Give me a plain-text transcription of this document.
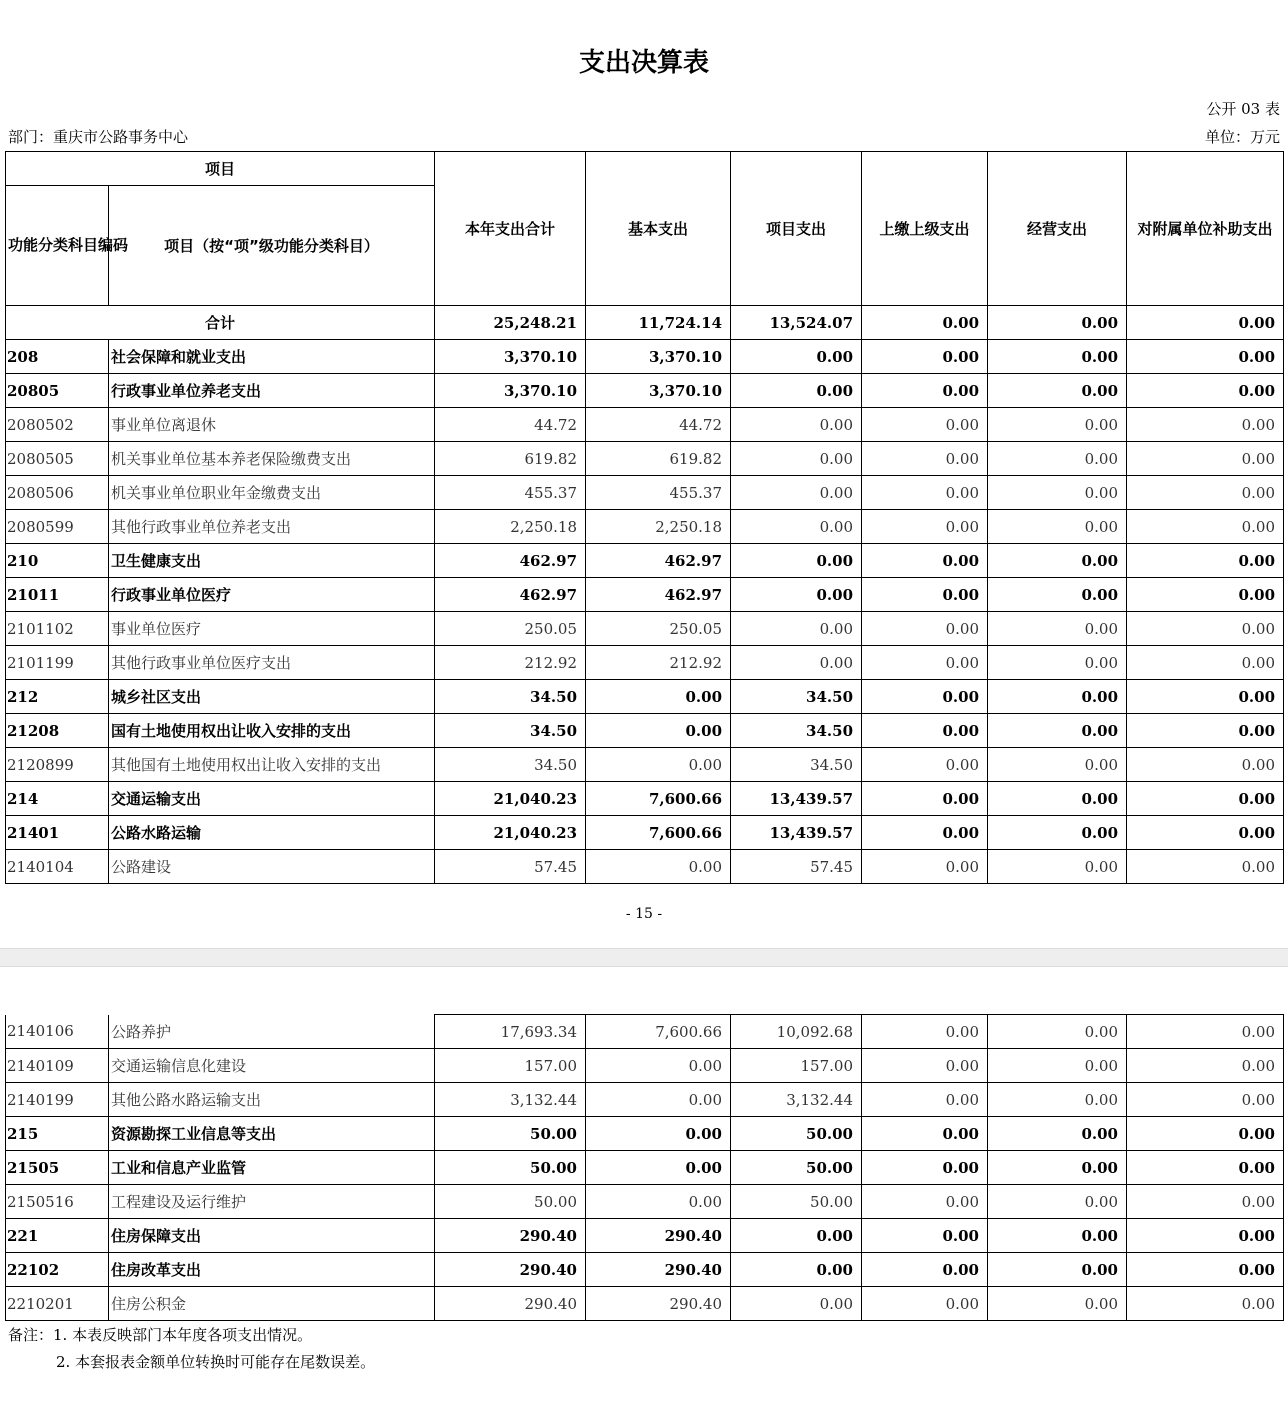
支出决算表
公开 03 表
部门：重庆市公路事务中心	单位：万元
项目		本年支出合计	基本支出	项目支出	上缴上级支出	经营支出	对附属单位补助支出
功能分类科目编码	项目（按“项”级功能分类科目）						
合计		25,248.21	11,724.14	13,524.07	0.00	0.00	0.00
208	社会保障和就业支出	3,370.10	3,370.10	0.00	0.00	0.00	0.00
20805	行政事业单位养老支出	3,370.10	3,370.10	0.00	0.00	0.00	0.00
2080502	事业单位离退休	44.72	44.72	0.00	0.00	0.00	0.00
2080505	机关事业单位基本养老保险缴费支出	619.82	619.82	0.00	0.00	0.00	0.00
2080506	机关事业单位职业年金缴费支出	455.37	455.37	0.00	0.00	0.00	0.00
2080599	其他行政事业单位养老支出	2,250.18	2,250.18	0.00	0.00	0.00	0.00
210	卫生健康支出	462.97	462.97	0.00	0.00	0.00	0.00
21011	行政事业单位医疗	462.97	462.97	0.00	0.00	0.00	0.00
2101102	事业单位医疗	250.05	250.05	0.00	0.00	0.00	0.00
2101199	其他行政事业单位医疗支出	212.92	212.92	0.00	0.00	0.00	0.00
212	城乡社区支出	34.50	0.00	34.50	0.00	0.00	0.00
21208	国有土地使用权出让收入安排的支出	34.50	0.00	34.50	0.00	0.00	0.00
2120899	其他国有土地使用权出让收入安排的支出	34.50	0.00	34.50	0.00	0.00	0.00
214	交通运输支出	21,040.23	7,600.66	13,439.57	0.00	0.00	0.00
21401	公路水路运输	21,040.23	7,600.66	13,439.57	0.00	0.00	0.00
2140104	公路建设	57.45	0.00	57.45	0.00	0.00	0.00
- 15 -
2140106	公路养护	17,693.34	7,600.66	10,092.68	0.00	0.00	0.00
2140109	交通运输信息化建设	157.00	0.00	157.00	0.00	0.00	0.00
2140199	其他公路水路运输支出	3,132.44	0.00	3,132.44	0.00	0.00	0.00
215	资源勘探工业信息等支出	50.00	0.00	50.00	0.00	0.00	0.00
21505	工业和信息产业监管	50.00	0.00	50.00	0.00	0.00	0.00
2150516	工程建设及运行维护	50.00	0.00	50.00	0.00	0.00	0.00
221	住房保障支出	290.40	290.40	0.00	0.00	0.00	0.00
22102	住房改革支出	290.40	290.40	0.00	0.00	0.00	0.00
2210201	住房公积金	290.40	290.40	0.00	0.00	0.00	0.00
备注：1. 本表反映部门本年度各项支出情况。
2. 本套报表金额单位转换时可能存在尾数误差。
